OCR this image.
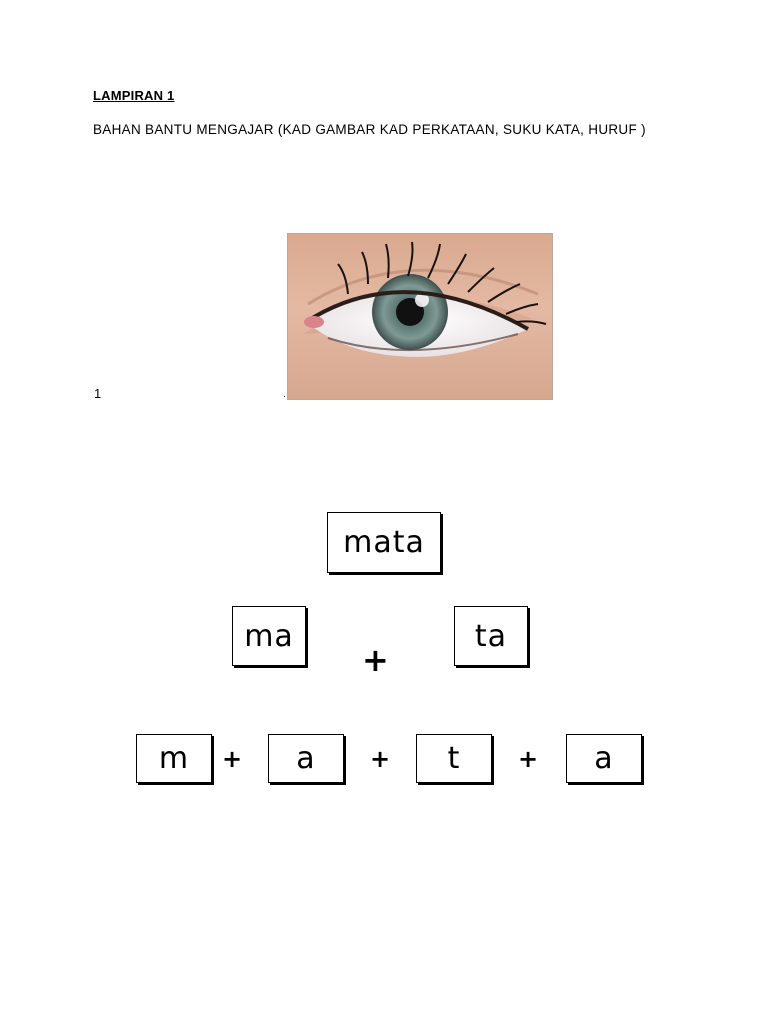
LAMPIRAN 1
BAHAN BANTU MENGAJAR (KAD GAMBAR KAD PERKATAAN, SUKU KATA, HURUF )
1	.
mata
ma
+
ta
m	+	a	+	t	+	a
